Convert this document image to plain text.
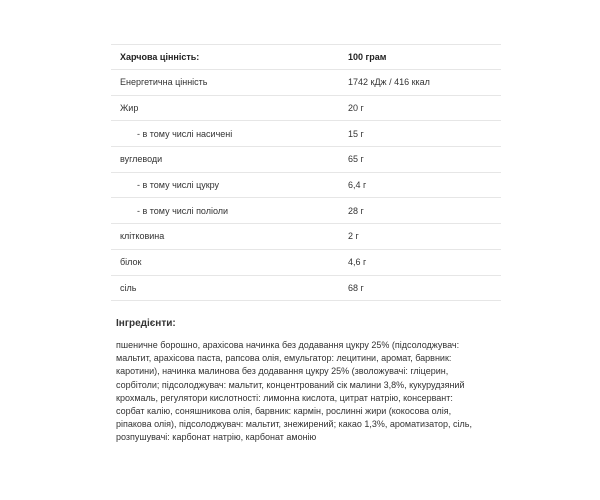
Харчова цінність:	100 грам
Енергетична цінність	1742 кДж / 416 ккал
Жир	20 г
- в тому числі насичені	15 г
вуглеводи	65 г
- в тому числі цукру	6,4 г
- в тому числі поліоли	28 г
клітковина	2 г
білок	4,6 г
сіль	68 г
Інгредієнти:

пшеничне борошно, арахісова начинка без додавання цукру 25% (підсолоджувач: мальтит, арахісова паста, рапсова олія, емульгатор: лецитини, аромат, барвник: каротини), начинка малинова без додавання цукру 25% (зволожувачі: гліцерин, сорбітоли; підсолоджувач: мальтит, концентрований сік малини 3,8%, кукурудзяний крохмаль, регулятори кислотності: лимонна кислота, цитрат натрію, консервант: сорбат калію, соняшникова олія, барвник: кармін, рослинні жири (кокосова олія, ріпакова олія), підсолоджувач: мальтит, знежирений; какао 1,3%, ароматизатор, сіль, розпушувачі: карбонат натрію, карбонат амонію
